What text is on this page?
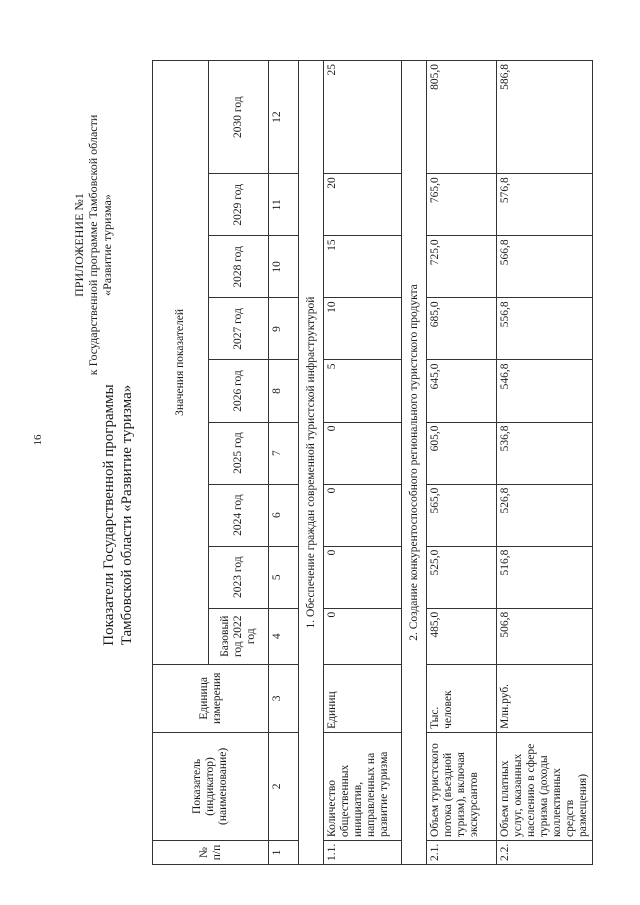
16
ПРИЛОЖЕНИЕ №1 к Государственной программе Тамбовской области «Развитие туризма»
Показатели Государственной программы Тамбовской области «Развитие туризма»
№ п/п	Показатель (индикатор) (наименование)	Единица измерения	Значения показателей								
			Базовый год 2022 год	2023 год	2024 год	2025 год	2026 год	2027 год	2028 год	2029 год	2030 год
1	2	3	4	5	6	7	8	9	10	11	12
1. Обеспечение граждан современной туристской инфраструктурой											
1.1.	Количество общественных инициатив, направленных на развитие туризма	Единиц	0	0	0	0	5	10	15	20	25
2. Создание конкурентоспособного регионального туристского продукта											
2.1.	Объем туристского потока (въездной туризм), включая экскурсантов	Тыс. человек	485,0	525,0	565,0	605,0	645,0	685,0	725,0	765,0	805,0
2.2.	Объем платных услуг, оказанных населению в сфере туризма (доходы коллективных средств размещения)	Млн.руб.	506,8	516,8	526,8	536,8	546,8	556,8	566,8	576,8	586,8
